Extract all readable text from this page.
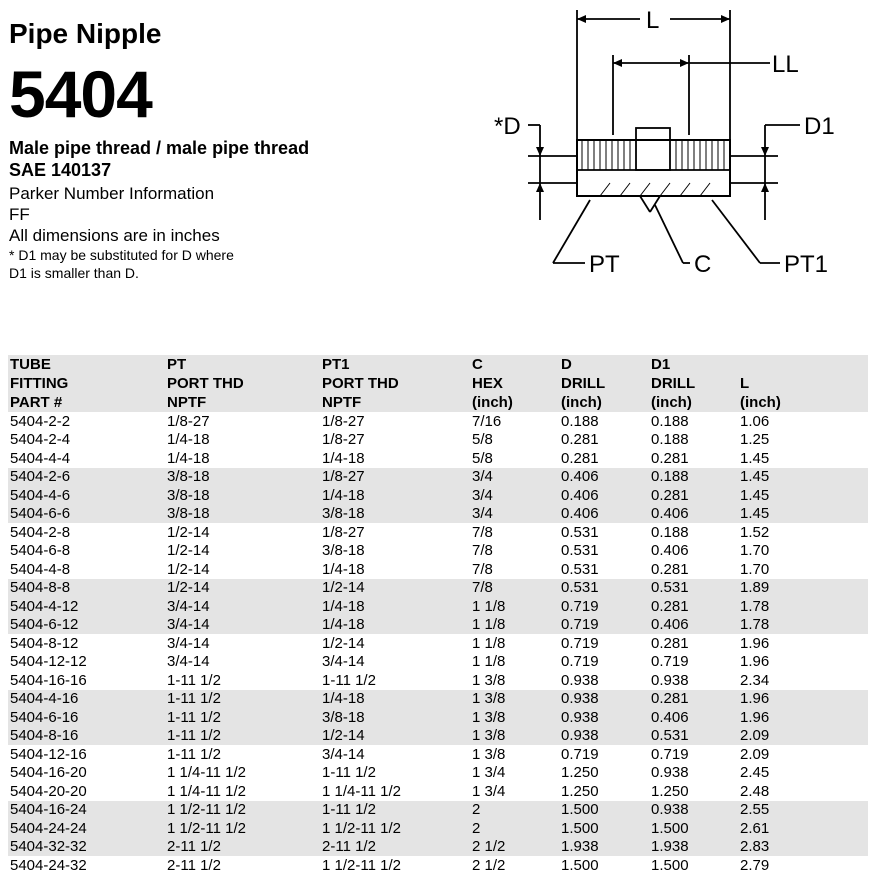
Pipe Nipple
5404
Male pipe thread / male pipe thread
SAE 140137
Parker Number Information
FF
All dimensions are in inches
* D1 may be substituted for D where
D1 is smaller than D.
L
LL
*D	D1
PT	C	PT1
TUBE	PT	PT1	C	D	D1	
FITTING	PORT THD	PORT THD	HEX	DRILL	DRILL	L
PART #	NPTF	NPTF	(inch)	(inch)	(inch)	(inch)
5404-2-2	1/8-27	1/8-27	7/16	0.188	0.188	1.06
5404-2-4	1/4-18	1/8-27	5/8	0.281	0.188	1.25
5404-4-4	1/4-18	1/4-18	5/8	0.281	0.281	1.45
5404-2-6	3/8-18	1/8-27	3/4	0.406	0.188	1.45
5404-4-6	3/8-18	1/4-18	3/4	0.406	0.281	1.45
5404-6-6	3/8-18	3/8-18	3/4	0.406	0.406	1.45
5404-2-8	1/2-14	1/8-27	7/8	0.531	0.188	1.52
5404-6-8	1/2-14	3/8-18	7/8	0.531	0.406	1.70
5404-4-8	1/2-14	1/4-18	7/8	0.531	0.281	1.70
5404-8-8	1/2-14	1/2-14	7/8	0.531	0.531	1.89
5404-4-12	3/4-14	1/4-18	1 1/8	0.719	0.281	1.78
5404-6-12	3/4-14	1/4-18	1 1/8	0.719	0.406	1.78
5404-8-12	3/4-14	1/2-14	1 1/8	0.719	0.281	1.96
5404-12-12	3/4-14	3/4-14	1 1/8	0.719	0.719	1.96
5404-16-16	1-11 1/2	1-11 1/2	1 3/8	0.938	0.938	2.34
5404-4-16	1-11 1/2	1/4-18	1 3/8	0.938	0.281	1.96
5404-6-16	1-11 1/2	3/8-18	1 3/8	0.938	0.406	1.96
5404-8-16	1-11 1/2	1/2-14	1 3/8	0.938	0.531	2.09
5404-12-16	1-11 1/2	3/4-14	1 3/8	0.719	0.719	2.09
5404-16-20	1 1/4-11 1/2	1-11 1/2	1 3/4	1.250	0.938	2.45
5404-20-20	1 1/4-11 1/2	1 1/4-11 1/2	1 3/4	1.250	1.250	2.48
5404-16-24	1 1/2-11 1/2	1-11 1/2	2	1.500	0.938	2.55
5404-24-24	1 1/2-11 1/2	1 1/2-11 1/2	2	1.500	1.500	2.61
5404-32-32	2-11 1/2	2-11 1/2	2 1/2	1.938	1.938	2.83
5404-24-32	2-11 1/2	1 1/2-11 1/2	2 1/2	1.500	1.500	2.79
